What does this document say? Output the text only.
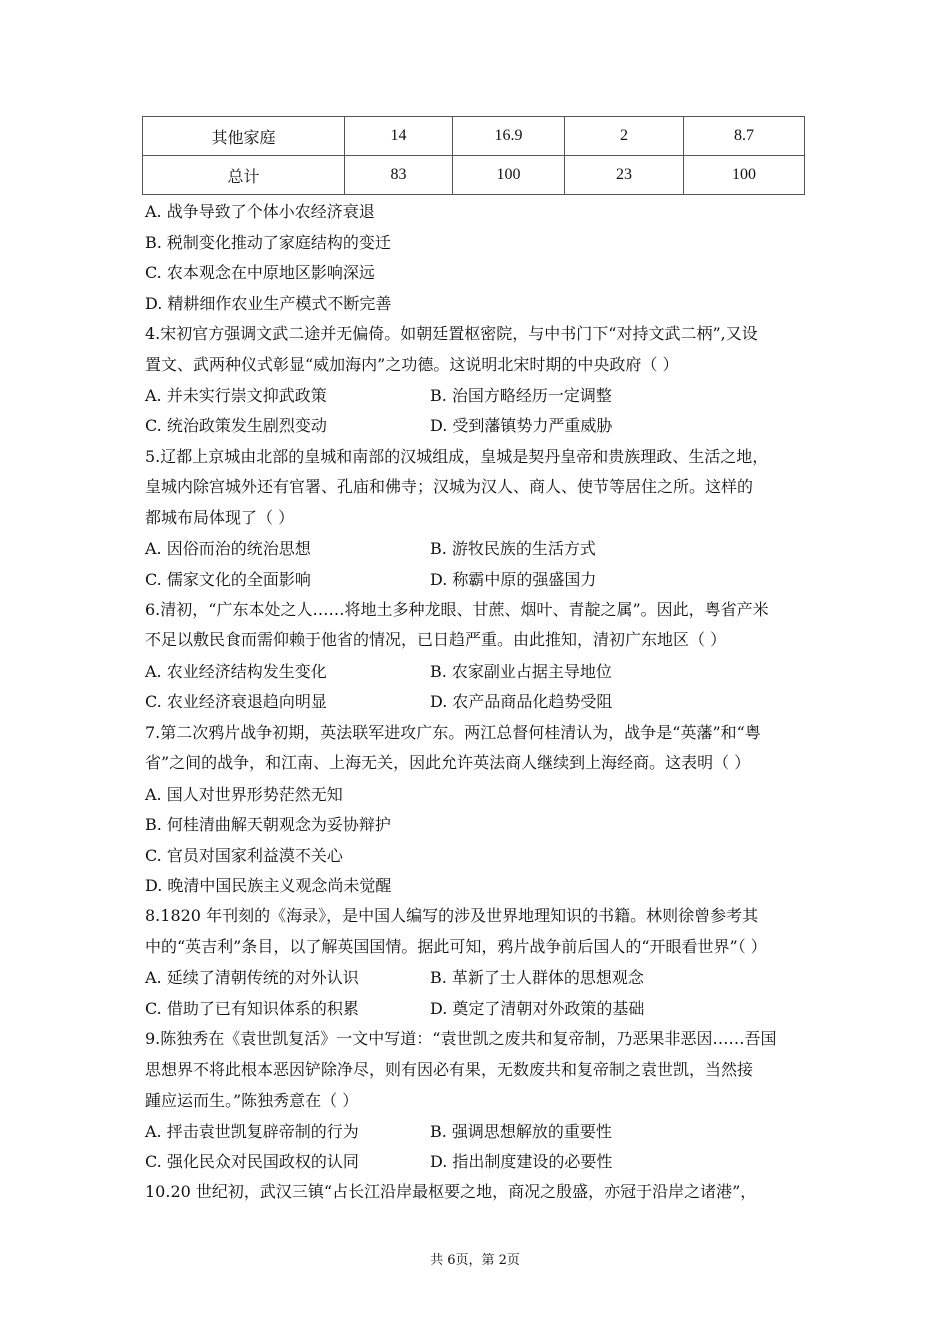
其他家庭	14	16.9	2	8.7
总计	83	100	23	100
A. 战争导致了个体小农经济衰退
B. 税制变化推动了家庭结构的变迁
C. 农本观念在中原地区影响深远
D. 精耕细作农业生产模式不断完善
4.宋初官方强调文武二途并无偏倚。如朝廷置枢密院，与中书门下“对持文武二柄”,又设
置文、武两种仪式彰显“威加海内”之功德。这说明北宋时期的中央政府（ ）
A. 并未实行崇文抑武政策	B. 治国方略经历一定调整
C. 统治政策发生剧烈变动	D. 受到藩镇势力严重威胁
5.辽都上京城由北部的皇城和南部的汉城组成，皇城是契丹皇帝和贵族理政、生活之地，
皇城内除宫城外还有官署、孔庙和佛寺；汉城为汉人、商人、使节等居住之所。这样的
都城布局体现了（ ）
A. 因俗而治的统治思想	B. 游牧民族的生活方式
C. 儒家文化的全面影响	D. 称霸中原的强盛国力
6.清初，“广东本处之人……将地土多种龙眼、甘蔗、烟叶、青靛之属”。因此，粤省产米
不足以敷民食而需仰赖于他省的情况，已日趋严重。由此推知，清初广东地区（ ）
A. 农业经济结构发生变化	B. 农家副业占据主导地位
C. 农业经济衰退趋向明显	D. 农产品商品化趋势受阻
7.第二次鸦片战争初期，英法联军进攻广东。两江总督何桂清认为，战争是“英藩”和“粤
省”之间的战争，和江南、上海无关，因此允许英法商人继续到上海经商。这表明（ ）
A. 国人对世界形势茫然无知
B. 何桂清曲解天朝观念为妥协辩护
C. 官员对国家利益漠不关心
D. 晚清中国民族主义观念尚未觉醒
8.1820 年刊刻的《海录》，是中国人编写的涉及世界地理知识的书籍。林则徐曾参考其
中的“英吉利”条目，以了解英国国情。据此可知，鸦片战争前后国人的“开眼看世界”（ ）
A. 延续了清朝传统的对外认识	B. 革新了士人群体的思想观念
C. 借助了已有知识体系的积累	D. 奠定了清朝对外政策的基础
9.陈独秀在《袁世凯复活》一文中写道：“袁世凯之废共和复帝制，乃恶果非恶因……吾国
思想界不将此根本恶因铲除净尽，则有因必有果，无数废共和复帝制之袁世凯，当然接
踵应运而生。”陈独秀意在（ ）
A. 抨击袁世凯复辟帝制的行为	B. 强调思想解放的重要性
C. 强化民众对民国政权的认同	D. 指出制度建设的必要性
10.20 世纪初，武汉三镇“占长江沿岸最枢要之地，商况之殷盛，亦冠于沿岸之诸港”，
共 6页，第 2页
